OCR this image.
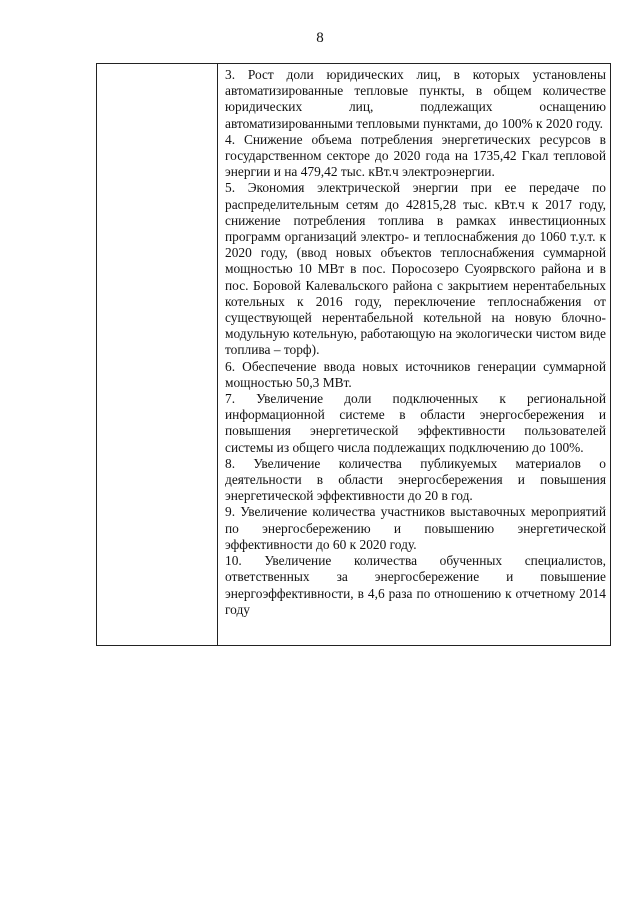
8

3. Рост доли юридических лиц, в которых установлены автоматизированные тепловые пункты, в общем количестве юридических лиц, подлежащих оснащению автоматизированными тепловыми пунктами, до 100% к 2020 году.

4. Снижение объема потребления энергетических ресурсов в государственном секторе до 2020 года на 1735,42 Гкал тепловой энергии и на 479,42 тыс. кВт.ч электроэнергии.

5. Экономия электрической энергии при ее передаче по распределительным сетям до 42815,28 тыс. кВт.ч к 2017 году, снижение потребления топлива в рамках инвестиционных программ организаций электро- и теплоснабжения до 1060 т.у.т. к 2020 году, (ввод новых объектов теплоснабжения суммарной мощностью 10 МВт в пос. Поросозеро Суоярвского района и в пос. Боровой Калевальского района с закрытием нерентабельных котельных к 2016 году, переключение теплоснабжения от существующей нерентабельной котельной на новую блочно-модульную котельную, работающую на экологически чистом виде топлива – торф).

6. Обеспечение ввода новых источников генерации суммарной мощностью 50,3 МВт.

7. Увеличение доли подключенных к региональной информационной системе в области энергосбережения и повышения энергетической эффективности пользователей системы из общего числа подлежащих подключению до 100%.

8. Увеличение количества публикуемых материалов о деятельности в области энергосбережения и повышения энергетической эффективности до 20 в год.

9. Увеличение количества участников выставочных мероприятий по энергосбережению и повышению энергетической эффективности до 60 к 2020 году.

10. Увеличение количества обученных специалистов, ответственных за энергосбережение и повышение энергоэффективности, в 4,6 раза по отношению к отчетному 2014 году
